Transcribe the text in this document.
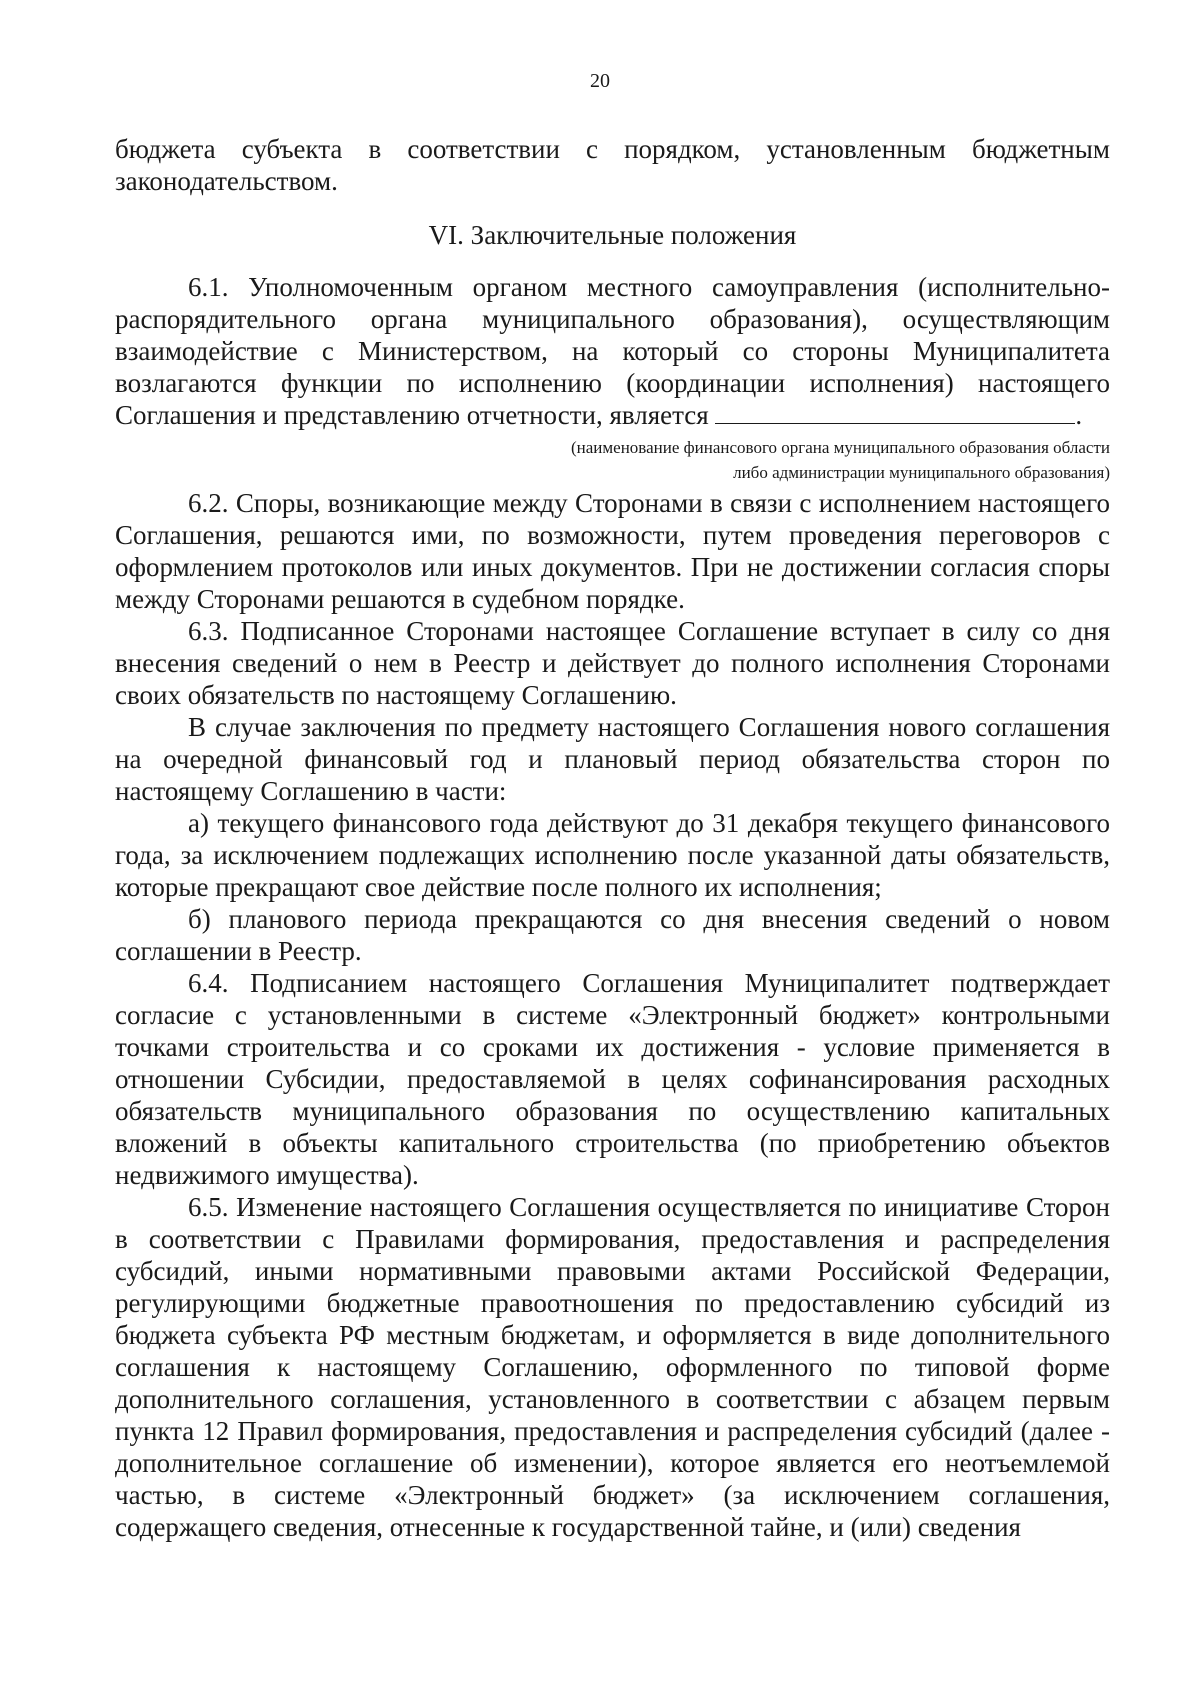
20

бюджета субъекта в соответствии с порядком, установленным бюджетным законодательством.

VI. Заключительные положения

6.1. Уполномоченным органом местного самоуправления (исполнительно-распорядительного органа муниципального образования), осуществляющим взаимодействие с Министерством, на который со стороны Муниципалитета возлагаются функции по исполнению (координации исполнения) настоящего Соглашения и представлению отчетности, является	.

(наименование финансового органа муниципального образования области
либо администрации муниципального образования)

6.2. Споры, возникающие между Сторонами в связи с исполнением настоящего Соглашения, решаются ими, по возможности, путем проведения переговоров с оформлением протоколов или иных документов. При не достижении согласия споры между Сторонами решаются в судебном порядке.

6.3. Подписанное Сторонами настоящее Соглашение вступает в силу со дня внесения сведений о нем в Реестр и действует до полного исполнения Сторонами своих обязательств по настоящему Соглашению.

В случае заключения по предмету настоящего Соглашения нового соглашения на очередной финансовый год и плановый период обязательства сторон по настоящему Соглашению в части:

а) текущего финансового года действуют до 31 декабря текущего финансового года, за исключением подлежащих исполнению после указанной даты обязательств, которые прекращают свое действие после полного их исполнения;

б) планового периода прекращаются со дня внесения сведений о новом соглашении в Реестр.

6.4. Подписанием настоящего Соглашения Муниципалитет подтверждает согласие с установленными в системе «Электронный бюджет» контрольными точками строительства и со сроками их достижения - условие применяется в отношении Субсидии, предоставляемой в целях софинансирования расходных обязательств муниципального образования по осуществлению капитальных вложений в объекты капитального строительства (по приобретению объектов недвижимого имущества).

6.5. Изменение настоящего Соглашения осуществляется по инициативе Сторон в соответствии с Правилами формирования, предоставления и распределения субсидий, иными нормативными правовыми актами Российской Федерации, регулирующими бюджетные правоотношения по предоставлению субсидий из бюджета субъекта РФ местным бюджетам, и оформляется в виде дополнительного соглашения к настоящему Соглашению, оформленного по типовой форме дополнительного соглашения, установленного в соответствии с абзацем первым пункта 12 Правил формирования, предоставления и распределения субсидий (далее - дополнительное соглашение об изменении), которое является его неотъемлемой частью, в системе «Электронный бюджет» (за исключением соглашения, содержащего сведения, отнесенные к государственной тайне, и (или) сведения
